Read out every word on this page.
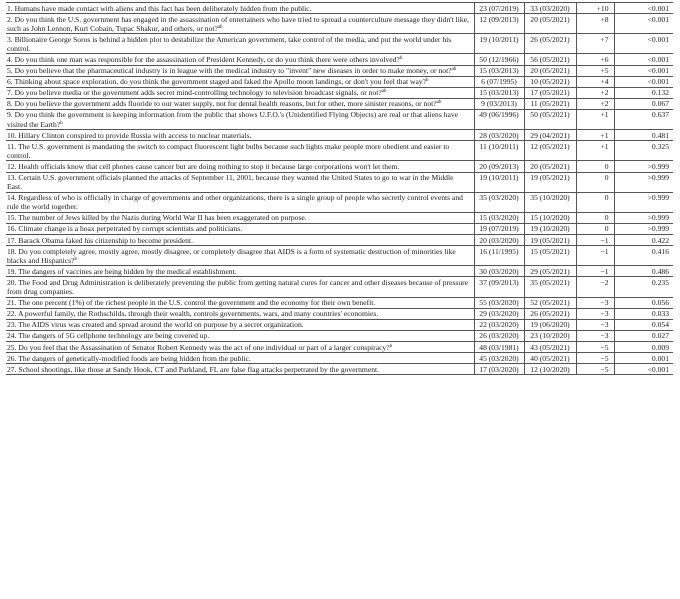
1. Humans have made contact with aliens and this fact has been deliberately hidden from the public.	23 (07/2019)	33 (03/2020)	+10	<0.001
2. Do you think the U.S. government has engaged in the assassination of entertainers who have tried to spread a counterculture message they didn't like, such as John Lennon, Kurt Cobain, Tupac Shakur, and others, or not?$^{ab}$	12 (09/2013)	20 (05/2021)	+8	<0.001
3. Billionaire George Soros is behind a hidden plot to destabilize the American government, take control of the media, and put the world under his control.	19 (10/2011)	26 (05/2021)	+7	<0.001
4. Do you think one man was responsible for the assassination of President Kennedy, or do you think there were others involved?$^b$	50 (12/1966)	56 (05/2021)	+6	<0.001
5. Do you believe that the pharmaceutical industry is in league with the medical industry to "invent" new diseases in order to make money, or not?$^{ab}$	15 (03/2013)	20 (05/2021)	+5	<0.001
6. Thinking about space exploration, do you think the government staged and faked the Apollo moon landings, or don't you feel that way?$^b$	6 (07/1995)	10 (05/2021)	+4	<0.001
7. Do you believe media or the government adds secret mind-controlling technology to television broadcast signals, or not?$^{ab}$	15 (03/2013)	17 (05/2021)	+2	0.132
8. Do you believe the government adds fluoride to our water supply, not for dental health reasons, but for other, more sinister reasons, or not?$^{ab}$	9 (03/2013)	11 (05/2021)	+2	0.067
9. Do you think the government is keeping information from the public that shows U.F.O.'s (Unidentified Flying Objects) are real or that aliens have visited the Earth?$^b$	49 (06/1996)	50 (05/2021)	+1	0.637
10. Hillary Clinton conspired to provide Russia with access to nuclear materials.	28 (03/2020)	29 (04/2021)	+1	0.481
11. The U.S. government is mandating the switch to compact fluorescent light bulbs because such lights make people more obedient and easier to control.	11 (10/2011)	12 (05/2021)	+1	0.325
12. Health officials know that cell phones cause cancer but are doing nothing to stop it because large corporations won't let them.	20 (09/2013)	20 (05/2021)	0	>0.999
13. Certain U.S. government officials planned the attacks of September 11, 2001, because they wanted the United States to go to war in the Middle East.	19 (10/2011)	19 (05/2021)	0	>0.999
14. Regardless of who is officially in charge of governments and other organizations, there is a single group of people who secretly control events and rule the world together.	35 (03/2020)	35 (10/2020)	0	>0.999
15. The number of Jews killed by the Nazis during World War II has been exaggerated on purpose.	15 (03/2020)	15 (10/2020)	0	>0.999
16. Climate change is a hoax perpetrated by corrupt scientists and politicians.	19 (07/2019)	19 (10/2020)	0	>0.999
17. Barack Obama faked his citizenship to become president.	20 (03/2020)	19 (05/2021)	−1	0.422
18. Do you completely agree, mostly agree, mostly disagree, or completely disagree that AIDS is a form of systematic destruction of minorities like blacks and Hispanics?$^b$	16 (11/1995)	15 (05/2021)	−1	0.416
19. The dangers of vaccines are being hidden by the medical establishment.	30 (03/2020)	29 (05/2021)	−1	0.486
20. The Food and Drug Administration is deliberately preventing the public from getting natural cures for cancer and other diseases because of pressure from drug companies.	37 (09/2013)	35 (05/2021)	−2	0.235
21. The one percent (1%) of the richest people in the U.S. control the government and the economy for their own benefit.	55 (03/2020)	52 (05/2021)	−3	0.056
22. A powerful family, the Rothschilds, through their wealth, controls governments, wars, and many countries' economies.	29 (03/2020)	26 (05/2021)	−3	0.033
23. The AIDS virus was created and spread around the world on purpose by a secret organization.	22 (03/2020)	19 (06/2020)	−3	0.054
24. The dangers of 5G cellphone technology are being covered up.	26 (03/2020)	23 (10/2020)	−3	0.027
25. Do you feel that the Assassination of Senator Robert Kennedy was the act of one individual or part of a larger conspiracy?$^b$	48 (03/1981)	43 (05/2021)	−5	0.009
26. The dangers of genetically-modified foods are being hidden from the public.	45 (03/2020)	40 (05/2021)	−5	0.001
27. School shootings, like those at Sandy Hook, CT and Parkland, FL are false flag attacks perpetrated by the government.	17 (03/2020)	12 (10/2020)	−5	<0.001
